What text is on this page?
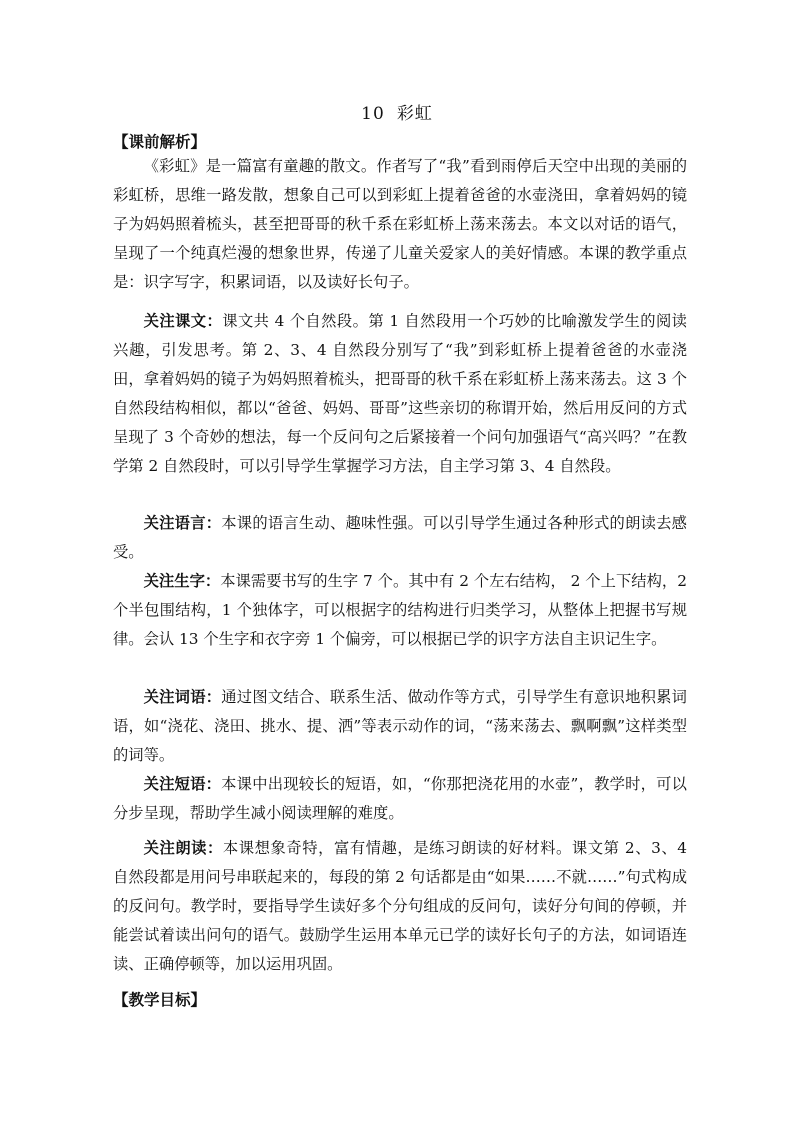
10 彩虹
【课前解析】

《彩虹》是一篇富有童趣的散文。作者写了“我”看到雨停后天空中出现的美丽的彩虹桥，思维一路发散，想象自己可以到彩虹上提着爸爸的水壶浇田，拿着妈妈的镜子为妈妈照着梳头，甚至把哥哥的秋千系在彩虹桥上荡来荡去。本文以对话的语气，呈现了一个纯真烂漫的想象世界，传递了儿童关爱家人的美好情感。本课的教学重点是：识字写字，积累词语，以及读好长句子。

关注课文：课文共 4 个自然段。第 1 自然段用一个巧妙的比喻激发学生的阅读兴趣，引发思考。第 2、3、4 自然段分别写了“我”到彩虹桥上提着爸爸的水壶浇田，拿着妈妈的镜子为妈妈照着梳头，把哥哥的秋千系在彩虹桥上荡来荡去。这 3 个自然段结构相似，都以“爸爸、妈妈、哥哥”这些亲切的称谓开始，然后用反问的方式呈现了 3 个奇妙的想法，每一个反问句之后紧接着一个问句加强语气“高兴吗？”在教学第 2 自然段时，可以引导学生掌握学习方法，自主学习第 3、4 自然段。

关注语言：本课的语言生动、趣味性强。可以引导学生通过各种形式的朗读去感受。

关注生字：本课需要书写的生字 7 个。其中有 2 个左右结构， 2 个上下结构，2 个半包围结构，1 个独体字，可以根据字的结构进行归类学习，从整体上把握书写规律。会认 13 个生字和衣字旁 1 个偏旁，可以根据已学的识字方法自主识记生字。

关注词语：通过图文结合、联系生活、做动作等方式，引导学生有意识地积累词语，如“浇花、浇田、挑水、提、洒”等表示动作的词，“荡来荡去、飘啊飘”这样类型的词等。

关注短语：本课中出现较长的短语，如，“你那把浇花用的水壶”，教学时，可以分步呈现，帮助学生减小阅读理解的难度。

关注朗读：本课想象奇特，富有情趣，是练习朗读的好材料。课文第 2、3、4 自然段都是用问号串联起来的，每段的第 2 句话都是由“如果……不就……”句式构成的反问句。教学时，要指导学生读好多个分句组成的反问句，读好分句间的停顿，并能尝试着读出问句的语气。鼓励学生运用本单元已学的读好长句子的方法，如词语连读、正确停顿等，加以运用巩固。

【教学目标】
